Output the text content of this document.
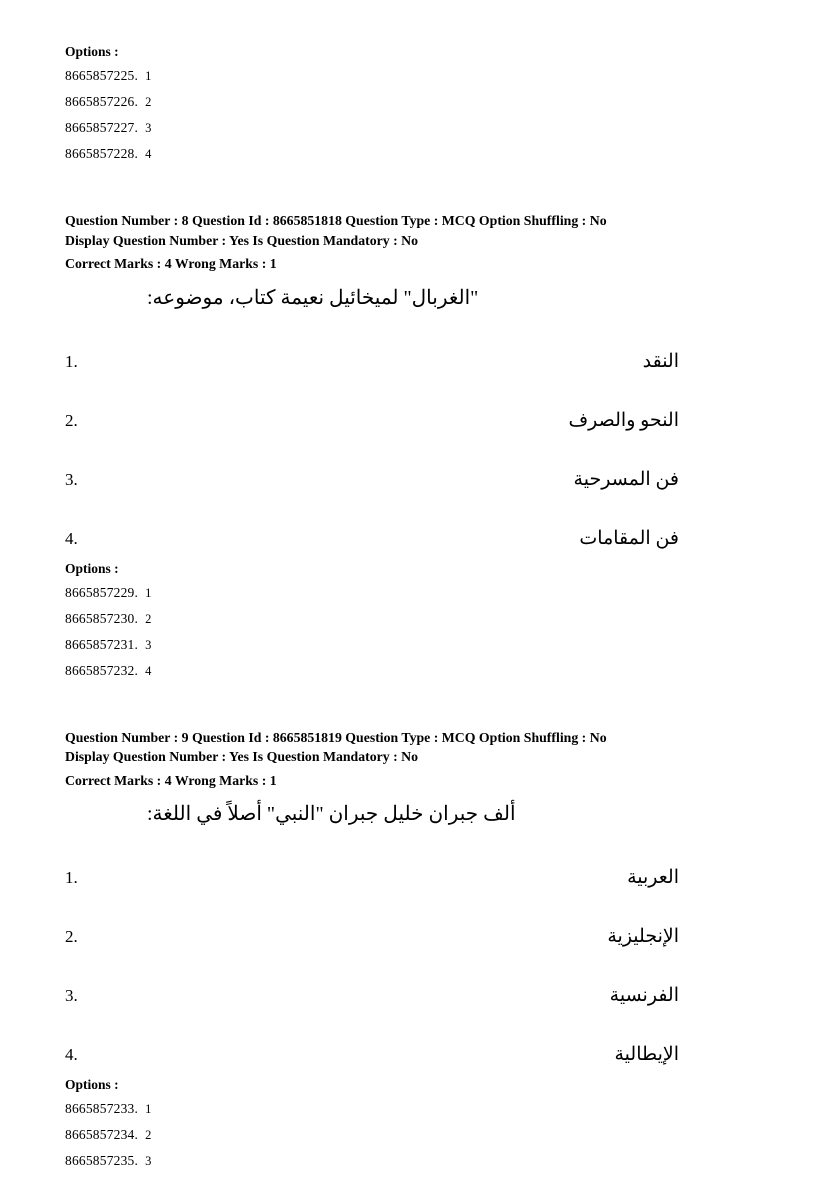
Options :
8665857225. 1
8665857226. 2
8665857227. 3
8665857228. 4
Question Number : 8 Question Id : 8665851818 Question Type : MCQ Option Shuffling : No
Display Question Number : Yes Is Question Mandatory : No
Correct Marks : 4 Wrong Marks : 1
"الغربال" لميخائيل نعيمة كتاب، موضوعه:
1.	النقد
2.	النحو والصرف
3.	فن المسرحية
4.	فن المقامات
Options :
8665857229. 1
8665857230. 2
8665857231. 3
8665857232. 4
Question Number : 9 Question Id : 8665851819 Question Type : MCQ Option Shuffling : No
Display Question Number : Yes Is Question Mandatory : No
Correct Marks : 4 Wrong Marks : 1
ألف جبران خليل جبران "النبي" أصلاً في اللغة:
1.	العربية
2.	الإنجليزية
3.	الفرنسية
4.	الإيطالية
Options :
8665857233. 1
8665857234. 2
8665857235. 3
